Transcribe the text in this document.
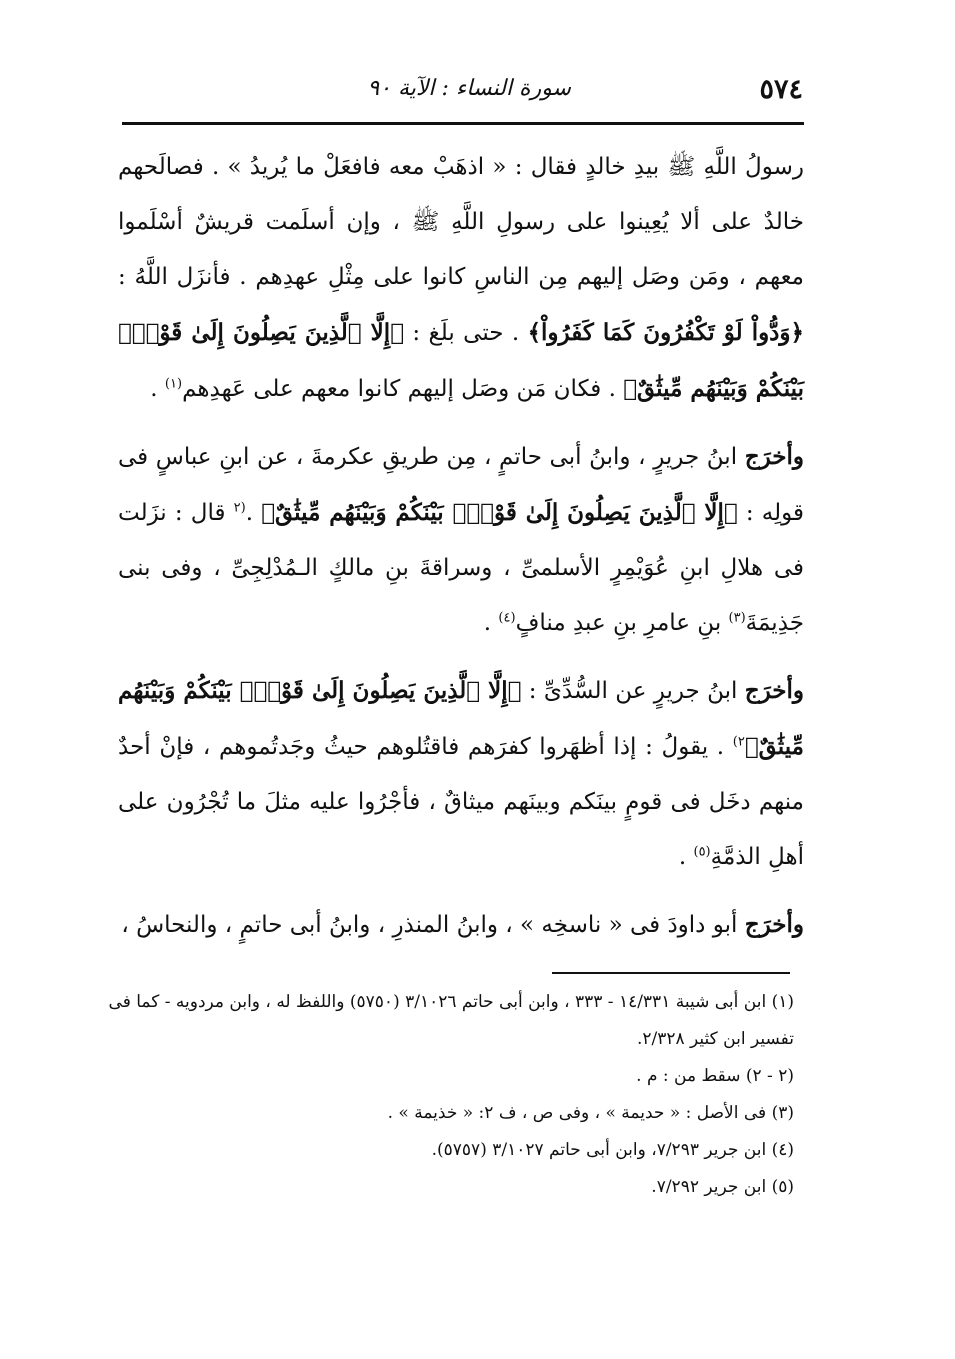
٥٧٤
سورة النساء : الآية ٩٠

رسولُ اللَّهِ ﷺ بيدِ خالدٍ فقال : « اذهَبْ معه فافعَلْ ما يُريدُ » . فصالَحهم خالدٌ على ألا يُعِينوا على رسولِ اللَّهِ ﷺ ، وإن أسلَمت قريشٌ أسْلَموا معهم ، ومَن وصَل إليهم مِن الناسِ كانوا على مِثْلِ عهدِهم . فأنزَل اللَّهُ : ﴿وَدُّواْ لَوْ تَكْفُرُونَ كَمَا كَفَرُواْ﴾ . حتى بلَغ : ﴿إِلَّا ٱلَّذِينَ يَصِلُونَ إِلَىٰ قَوْمِۭ بَيْنَكُمْ وَبَيْنَهُم مِّيثَٰقٌ﴾ . فكان مَن وصَل إليهم كانوا معهم على عَهدِهم$^{(١)}$ .

وأخرَج ابنُ جريرٍ ، وابنُ أبى حاتمٍ ، مِن طريقِ عكرمةَ ، عن ابنِ عباسٍ فى قولِه : ﴿إِلَّا ٱلَّذِينَ يَصِلُونَ إِلَىٰ قَوْمِۭ بَيْنَكُمْ وَبَيْنَهُم مِّيثَٰقٌ﴾ .$^{(٢}$ قال : نزَلت فى هلالِ ابنِ عُوَيْمِرٍ الأسلمىِّ ، وسراقةَ بنِ مالكٍ الـمُدْلِجِىِّ ، وفى بنى جَذِيمَةَ$^{(٣)}$ بنِ عامرِ بنِ عبدِ منافٍ$^{(٤)}$ .

وأخرَج ابنُ جريرٍ عن السُّدِّىِّ : ﴿إِلَّا ٱلَّذِينَ يَصِلُونَ إِلَىٰ قَوْمِۭ بَيْنَكُمْ وَبَيْنَهُم مِّيثَٰقٌ﴾$^{٢)}$ . يقولُ : إذا أظهَروا كفرَهم فاقتُلوهم حيثُ وجَدتُموهم ، فإنْ أحدٌ منهم دخَل فى قومٍ بينَكم وبينَهم ميثاقٌ ، فأجْرُوا عليه مثلَ ما تُجْرُون على أهلِ الذمَّةِ$^{(٥)}$ .

وأخرَج أبو داودَ فى « ناسخِه » ، وابنُ المنذرِ ، وابنُ أبى حاتمٍ ، والنحاسُ ،

(١) ابن أبى شيبة ١٤/٣٣١ - ٣٣٣ ، وابن أبى حاتم ٣/١٠٢٦ (٥٧٥٠) واللفظ له ، وابن مردويه - كما فى تفسير ابن كثير ٢/٣٢٨.

(٢ - ٢) سقط من : م .

(٣) فى الأصل : « حديمة » ، وفى ص ، ف ٢: « خذيمة » .

(٤) ابن جرير ٧/٢٩٣، وابن أبى حاتم ٣/١٠٢٧ (٥٧٥٧).

(٥) ابن جرير ٧/٢٩٢.
